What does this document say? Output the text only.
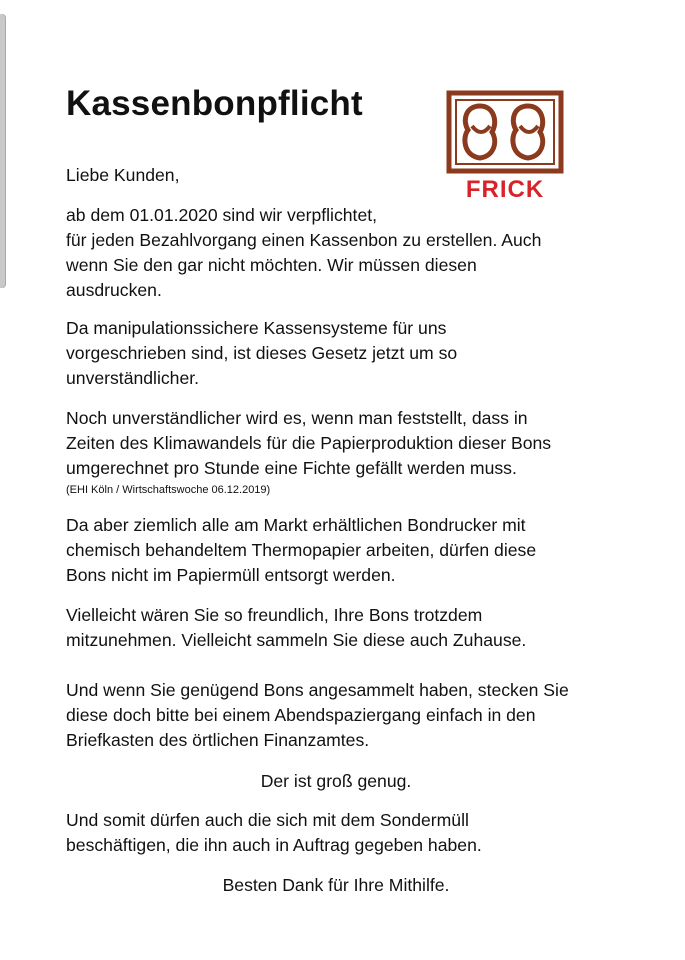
Kassenbonpflicht
FRICK
Liebe Kunden,
ab dem 01.01.2020 sind wir verpflichtet,
für jeden Bezahlvorgang einen Kassenbon zu erstellen. Auch
wenn Sie den gar nicht möchten. Wir müssen diesen
ausdrucken.
Da manipulationssichere Kassensysteme für uns
vorgeschrieben sind, ist dieses Gesetz jetzt um so
unverständlicher.
Noch unverständlicher wird es, wenn man feststellt, dass in
Zeiten des Klimawandels für die Papierproduktion dieser Bons
umgerechnet pro Stunde eine Fichte gefällt werden muss.
(EHI Köln / Wirtschaftswoche 06.12.2019)
Da aber ziemlich alle am Markt erhältlichen Bondrucker mit
chemisch behandeltem Thermopapier arbeiten, dürfen diese
Bons nicht im Papiermüll entsorgt werden.
Vielleicht wären Sie so freundlich, Ihre Bons trotzdem
mitzunehmen. Vielleicht sammeln Sie diese auch Zuhause.
Und wenn Sie genügend Bons angesammelt haben, stecken Sie
diese doch bitte bei einem Abendspaziergang einfach in den
Briefkasten des örtlichen Finanzamtes.
Der ist groß genug.
Und somit dürfen auch die sich mit dem Sondermüll
beschäftigen, die ihn auch in Auftrag gegeben haben.
Besten Dank für Ihre Mithilfe.
